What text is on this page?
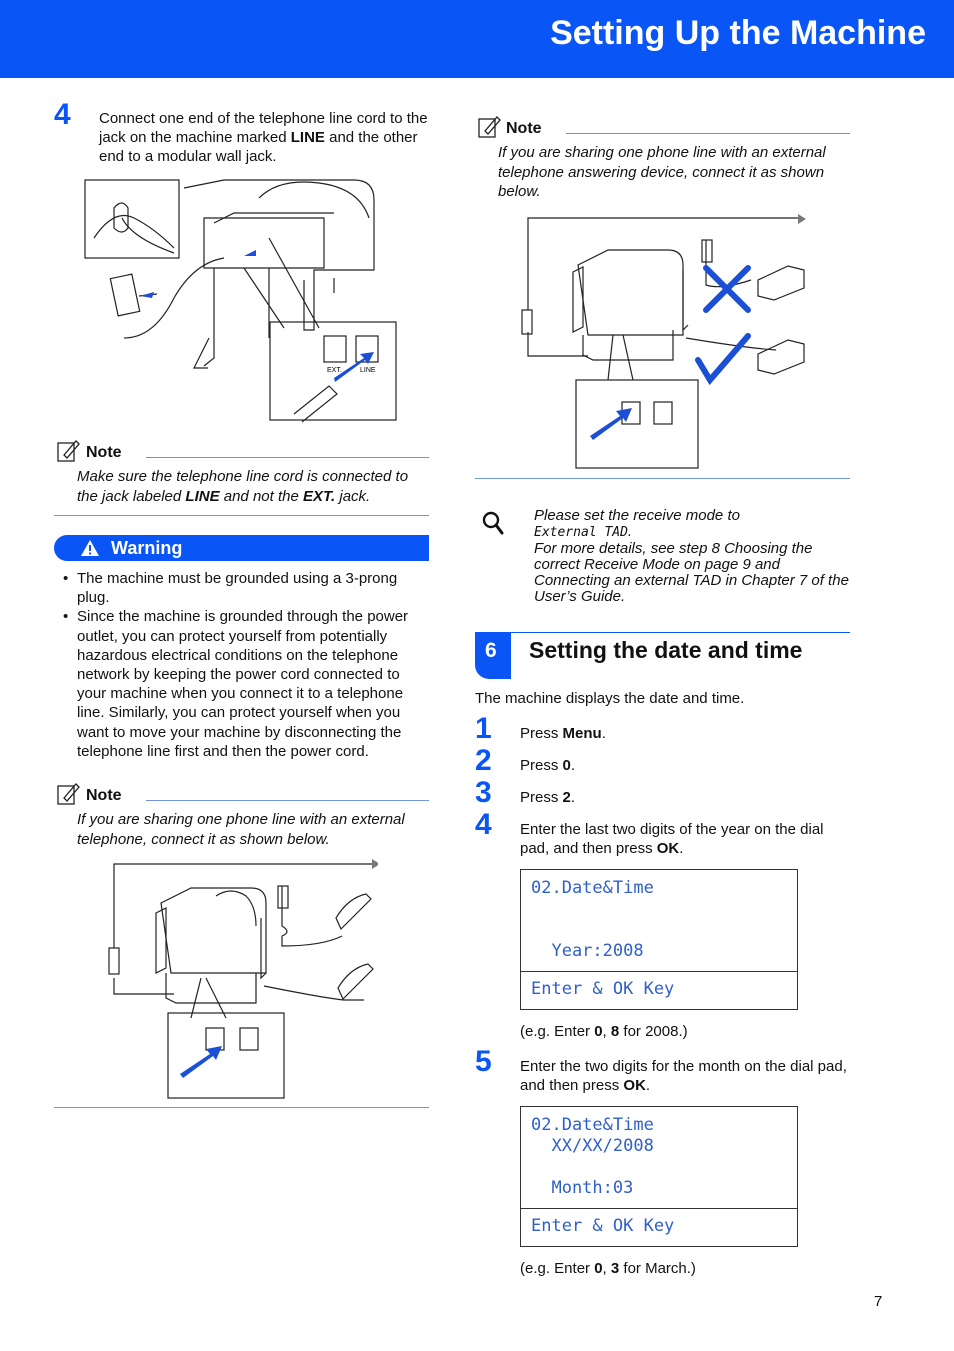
Setting Up the Machine
4 Connect one end of the telephone line cord to the jack on the machine marked LINE and the other end to a modular wall jack.
EXT.	LINE
Note
Make sure the telephone line cord is connected to the jack labeled LINE and not the EXT. jack.
Warning
• The machine must be grounded using a 3-prong plug.
• Since the machine is grounded through the power outlet, you can protect yourself from potentially hazardous electrical conditions on the telephone network by keeping the power cord connected to your machine when you connect it to a telephone line. Similarly, you can protect yourself when you want to move your machine by disconnecting the telephone line first and then the power cord.
Note
If you are sharing one phone line with an external telephone, connect it as shown below.
Note
If you are sharing one phone line with an external telephone answering device, connect it as shown below.
Please set the receive mode to
External TAD.
For more details, see step 8 Choosing the correct Receive Mode on page 9 and Connecting an external TAD in Chapter 7 of the User’s Guide.
6 Setting the date and time
The machine displays the date and time.
1 Press Menu.
2 Press 0.
3 Press 2.
4 Enter the last two digits of the year on the dial pad, and then press OK.
02.Date&Time
Year:2008
Enter & OK Key
(e.g. Enter 0, 8 for 2008.)
5 Enter the two digits for the month on the dial pad, and then press OK.
02.Date&Time
XX/XX/2008
Month:03
Enter & OK Key
(e.g. Enter 0, 3 for March.)
7
